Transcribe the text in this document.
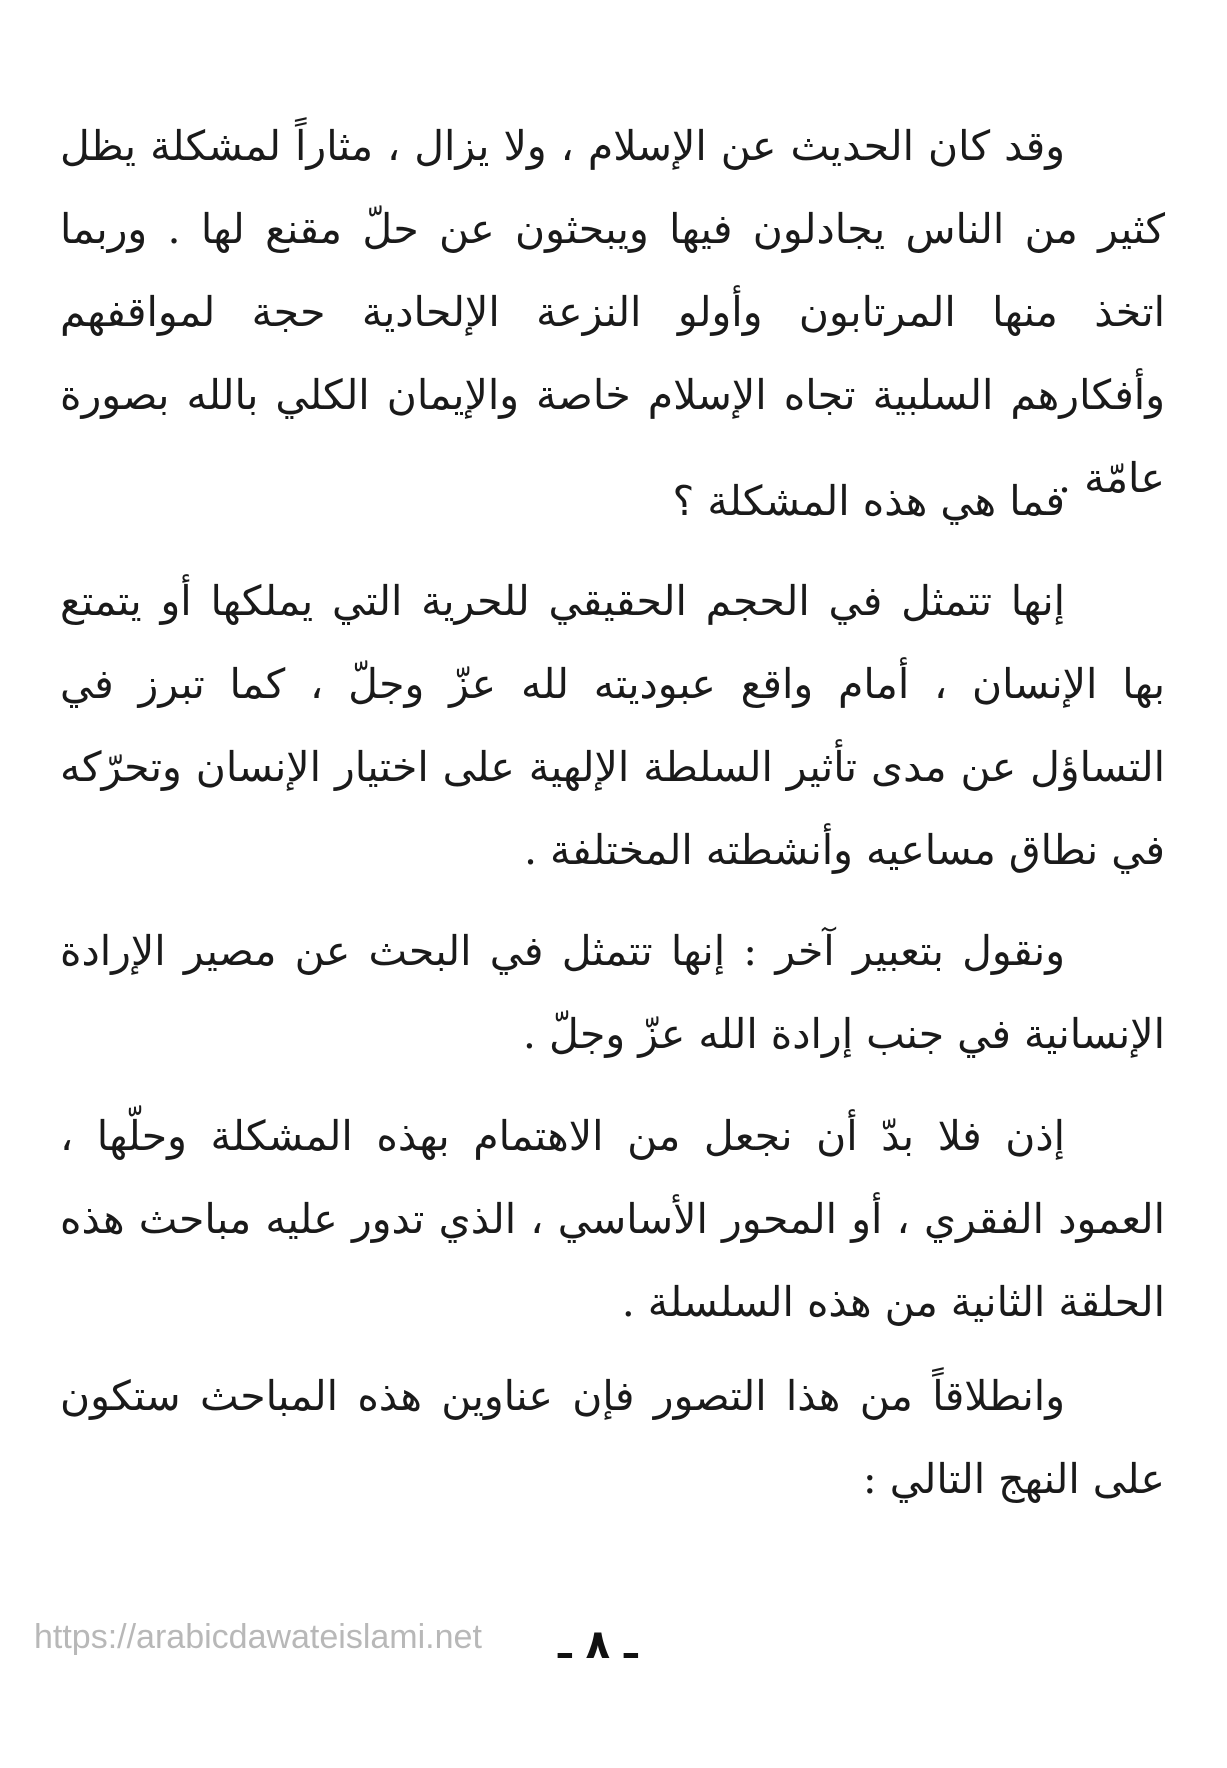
وقد كان الحديث عن الإسلام ، ولا يزال ، مثاراً لمشكلة يظل كثير من الناس يجادلون فيها ويبحثون عن حلّ مقنع لها . وربما اتخذ منها المرتابون وأولو النزعة الإلحادية حجة لمواقفهم وأفكارهم السلبية تجاه الإسلام خاصة والإيمان الكلي بالله بصورة عامّة .

فما هي هذه المشكلة ؟

إنها تتمثل في الحجم الحقيقي للحرية التي يملكها أو يتمتع بها الإنسان ، أمام واقع عبوديته لله عزّ وجلّ ، كما تبرز في التساؤل عن مدى تأثير السلطة الإلهية على اختيار الإنسان وتحرّكه في نطاق مساعيه وأنشطته المختلفة .

ونقول بتعبير آخر : إنها تتمثل في البحث عن مصير الإرادة الإنسانية في جنب إرادة الله عزّ وجلّ .

إذن فلا بدّ أن نجعل من الاهتمام بهذه المشكلة وحلّها ، العمود الفقري ، أو المحور الأساسي ، الذي تدور عليه مباحث هذه الحلقة الثانية من هذه السلسلة .

وانطلاقاً من هذا التصور فإن عناوين هذه المباحث ستكون على النهج التالي :

https://arabicdawateislami.net ـ ٨ ـ
